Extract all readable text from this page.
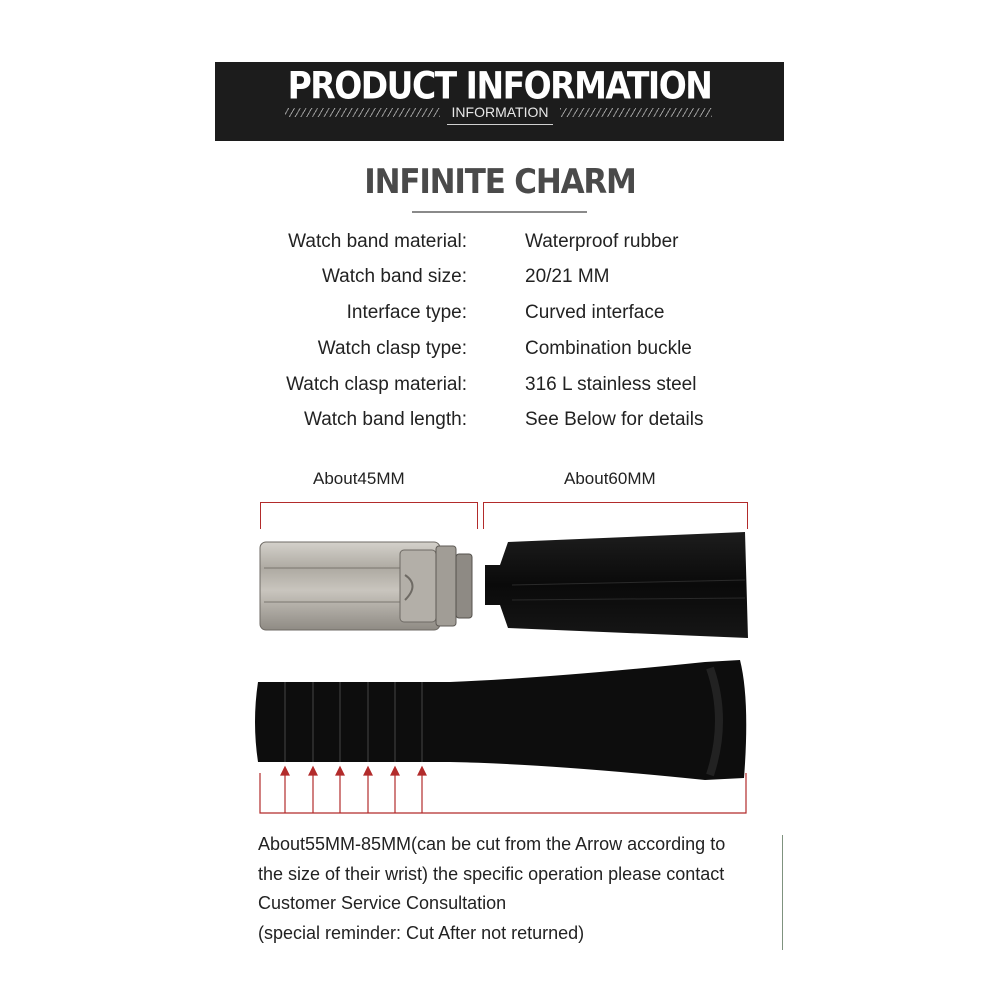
PRODUCT INFORMATION
INFORMATION
INFINITE CHARM
Watch band material:	Waterproof rubber
Watch band size:	20/21 MM
Interface type:	Curved interface
Watch clasp type:	Combination buckle
Watch clasp material:	316 L stainless steel
Watch band length:	See Below for details
About45MM	About60MM
About55MM-85MM(can be cut from the Arrow according to
the size of their wrist) the specific operation please contact
Customer Service Consultation
(special reminder: Cut After not returned)
